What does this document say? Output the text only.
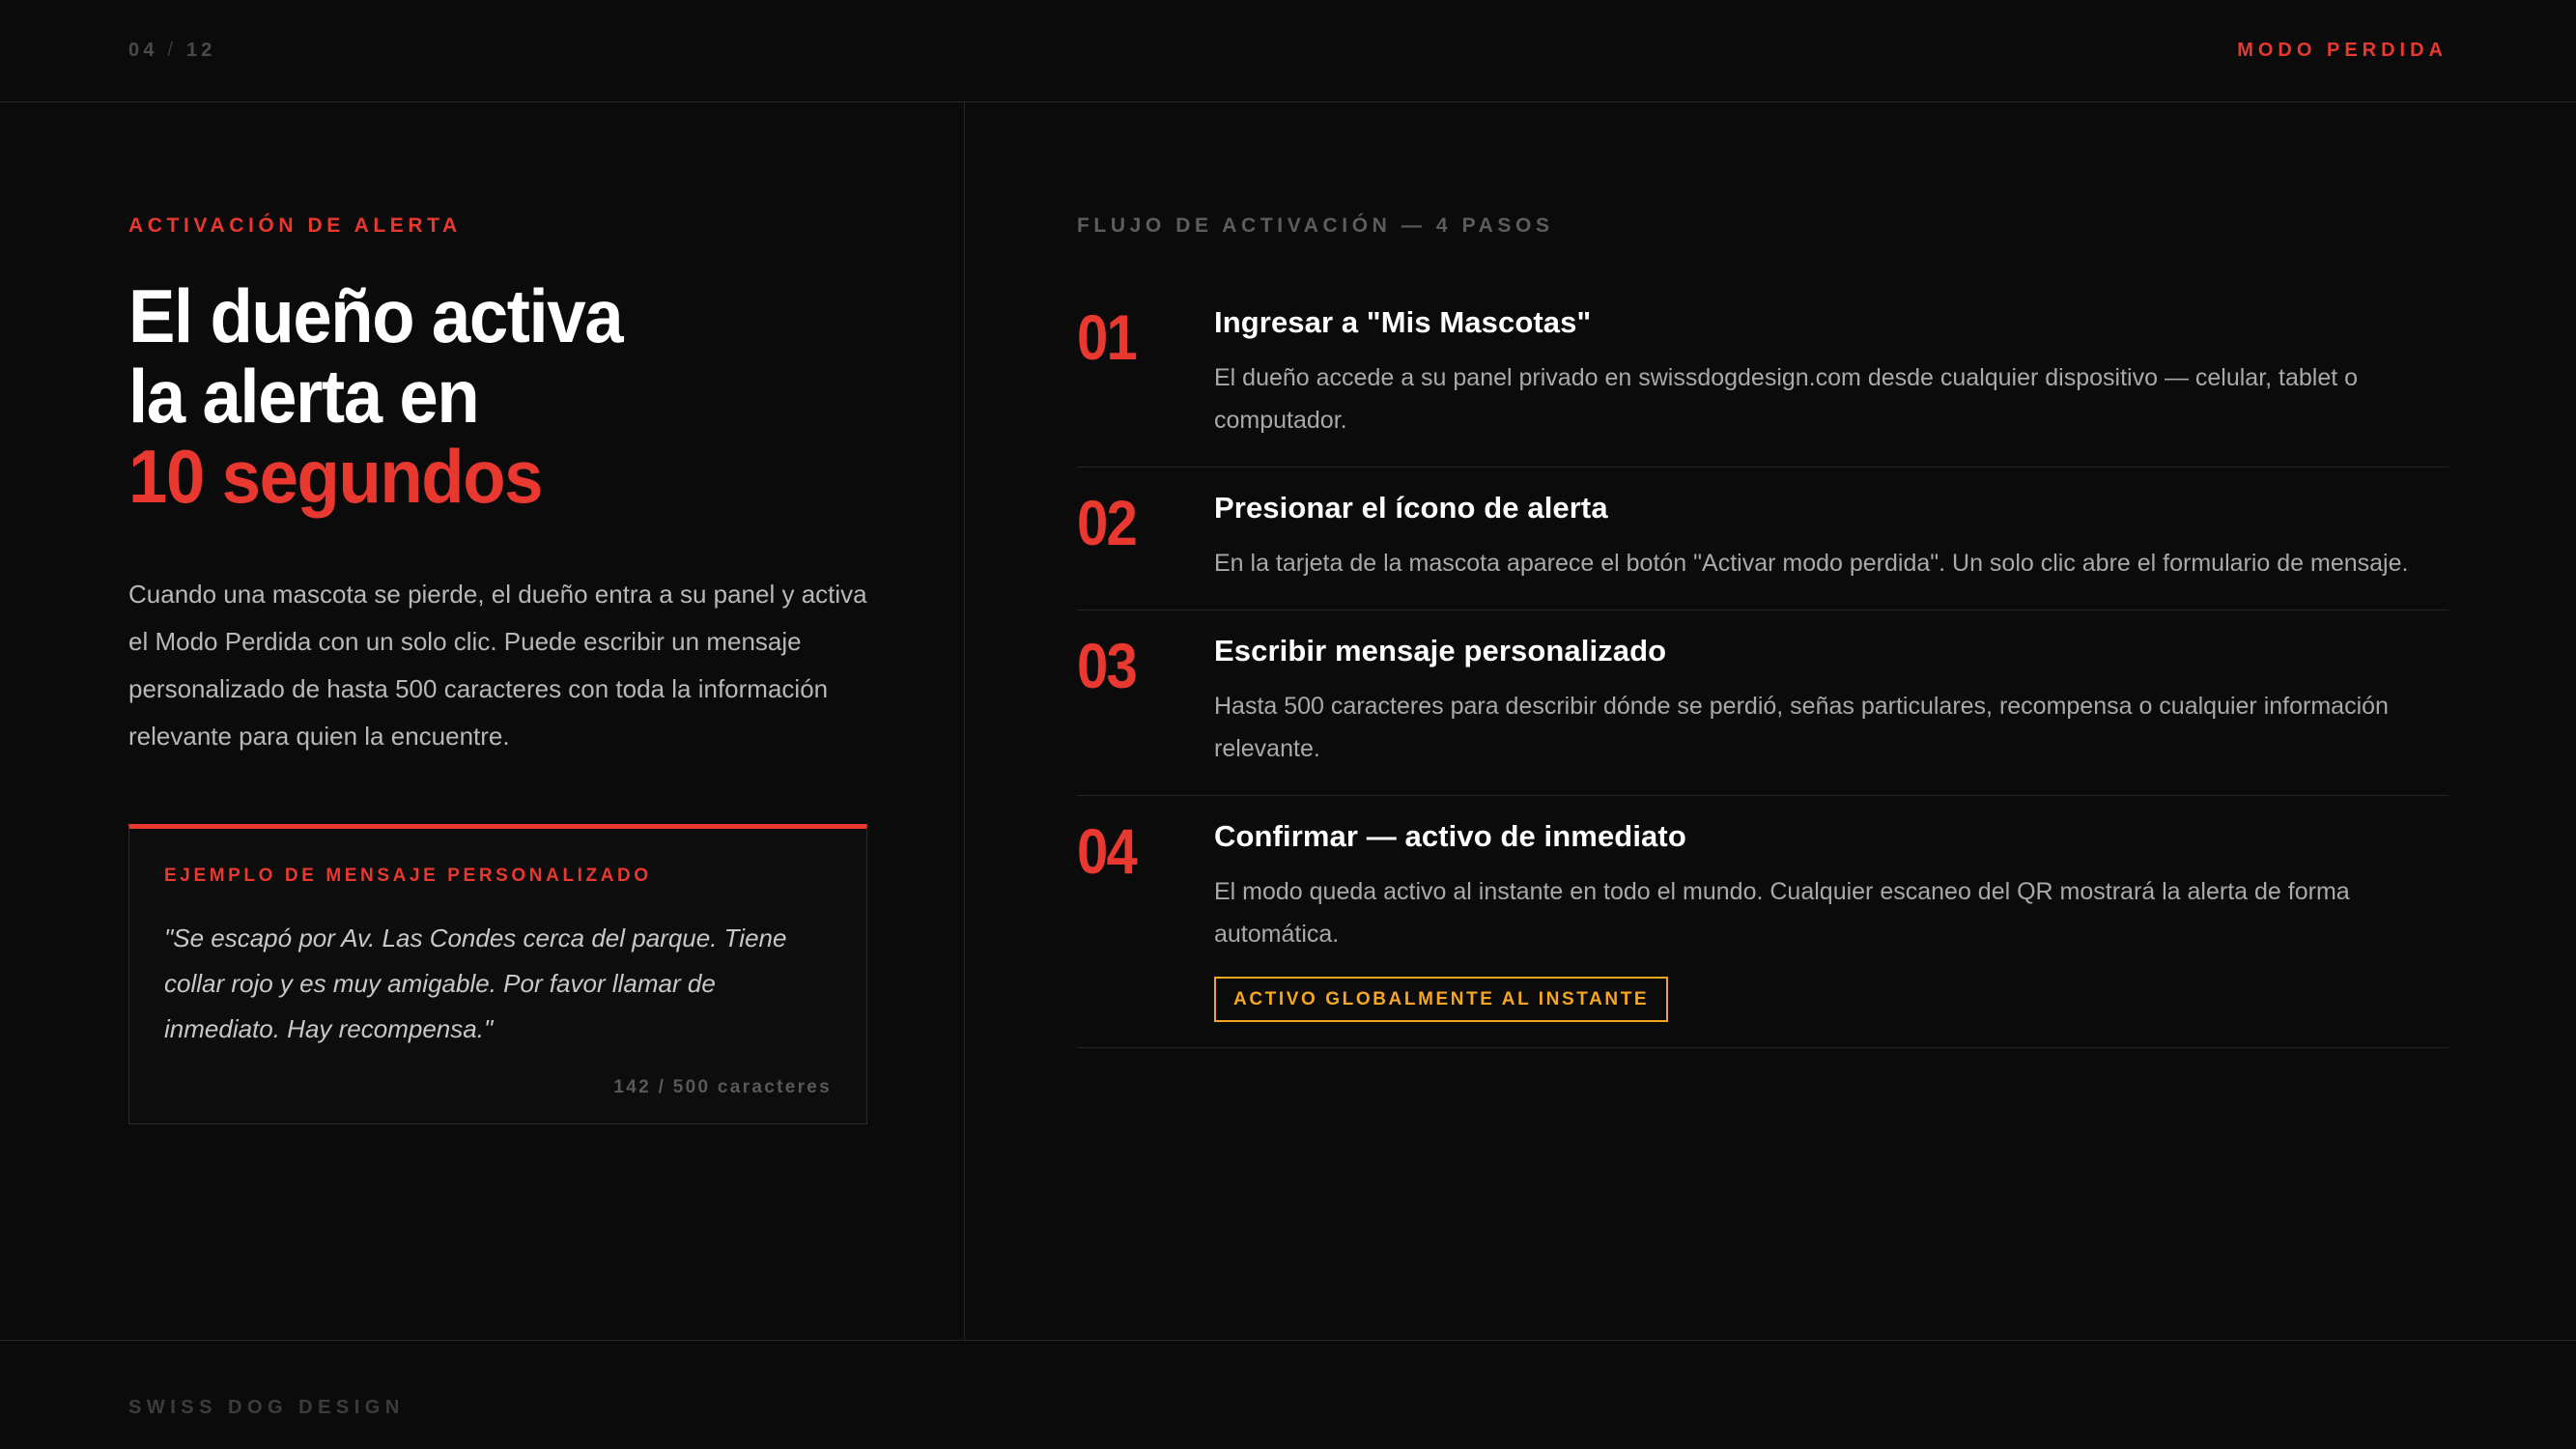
04 / 12	MODO PERDIDA
ACTIVACIÓN DE ALERTA
El dueño activa
la alerta en
10 segundos
Cuando una mascota se pierde, el dueño entra a su panel y activa el Modo Perdida con un solo clic. Puede escribir un mensaje personalizado de hasta 500 caracteres con toda la información relevante para quien la encuentre.
EJEMPLO DE MENSAJE PERSONALIZADO
"Se escapó por Av. Las Condes cerca del parque. Tiene collar rojo y es muy amigable. Por favor llamar de inmediato. Hay recompensa."
142 / 500 caracteres
FLUJO DE ACTIVACIÓN — 4 PASOS
01	Ingresar a "Mis Mascotas"
El dueño accede a su panel privado en swissdogdesign.com desde cualquier dispositivo — celular, tablet o computador.
02	Presionar el ícono de alerta
En la tarjeta de la mascota aparece el botón "Activar modo perdida". Un solo clic abre el formulario de mensaje.
03	Escribir mensaje personalizado
Hasta 500 caracteres para describir dónde se perdió, señas particulares, recompensa o cualquier información relevante.
04	Confirmar — activo de inmediato
El modo queda activo al instante en todo el mundo. Cualquier escaneo del QR mostrará la alerta de forma automática.
ACTIVO GLOBALMENTE AL INSTANTE
SWISS DOG DESIGN
